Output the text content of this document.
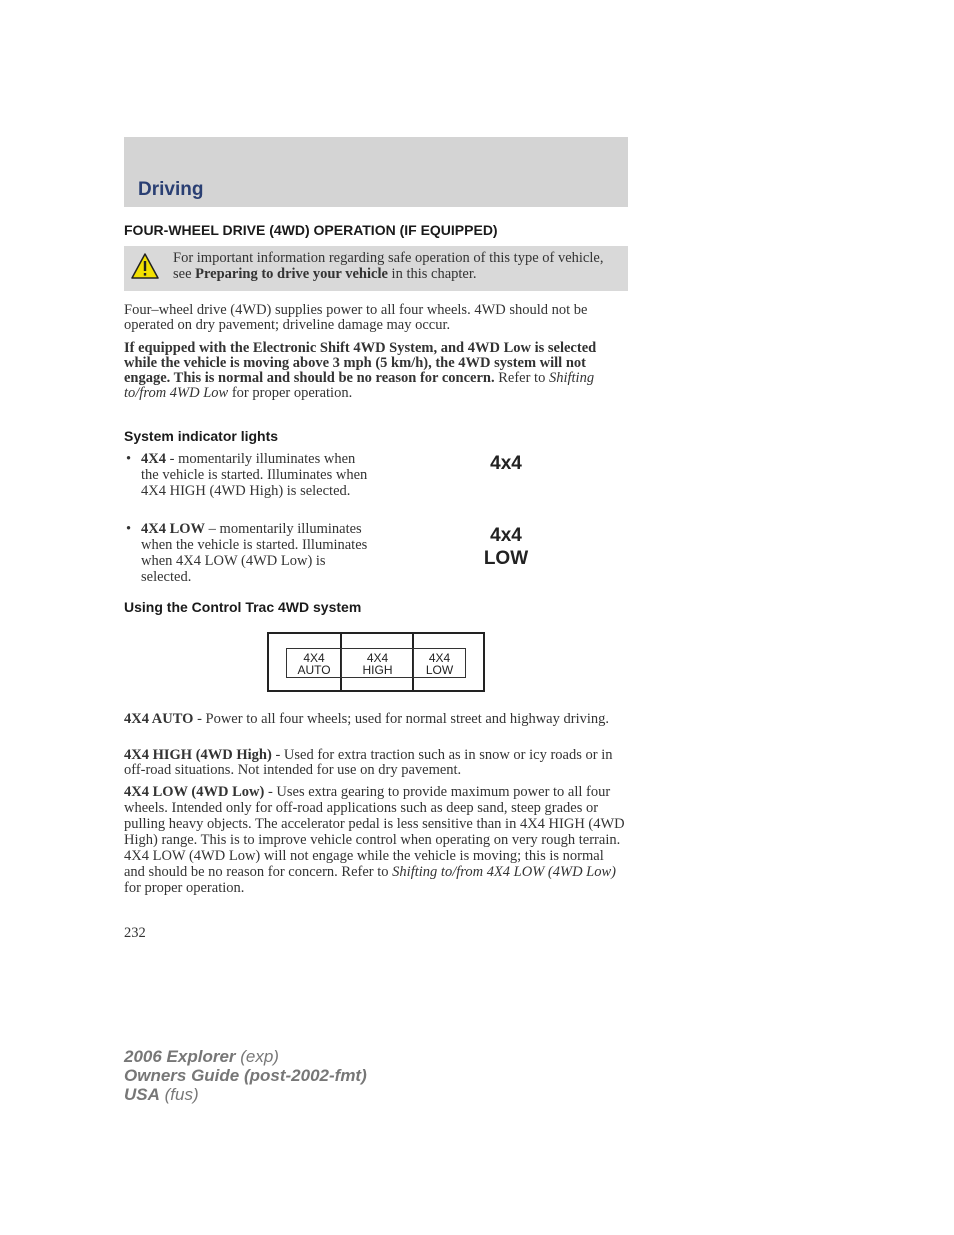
Driving
FOUR-WHEEL DRIVE (4WD) OPERATION (IF EQUIPPED)
For important information regarding safe operation of this type of vehicle, see Preparing to drive your vehicle in this chapter.
Four–wheel drive (4WD) supplies power to all four wheels. 4WD should not be operated on dry pavement; driveline damage may occur.
If equipped with the Electronic Shift 4WD System, and 4WD Low is selected while the vehicle is moving above 3 mph (5 km/h), the 4WD system will not engage. This is normal and should be no reason for concern. Refer to Shifting to/from 4WD Low for proper operation.
System indicator lights
• 4X4 - momentarily illuminates when the vehicle is started. Illuminates when 4X4 HIGH (4WD High) is selected.
4x4
• 4X4 LOW – momentarily illuminates when the vehicle is started. Illuminates when 4X4 LOW (4WD Low) is selected.
4x4
LOW
Using the Control Trac 4WD system
4X4
AUTO
4X4
HIGH
4X4
LOW
4X4 AUTO - Power to all four wheels; used for normal street and highway driving.
4X4 HIGH (4WD High) - Used for extra traction such as in snow or icy roads or in off-road situations. Not intended for use on dry pavement.
4X4 LOW (4WD Low) - Uses extra gearing to provide maximum power to all four wheels. Intended only for off-road applications such as deep sand, steep grades or pulling heavy objects. The accelerator pedal is less sensitive than in 4X4 HIGH (4WD High) range. This is to improve vehicle control when operating on very rough terrain. 4X4 LOW (4WD Low) will not engage while the vehicle is moving; this is normal and should be no reason for concern. Refer to Shifting to/from 4X4 LOW (4WD Low) for proper operation.
232
2006 Explorer (exp)
Owners Guide (post-2002-fmt)
USA (fus)
